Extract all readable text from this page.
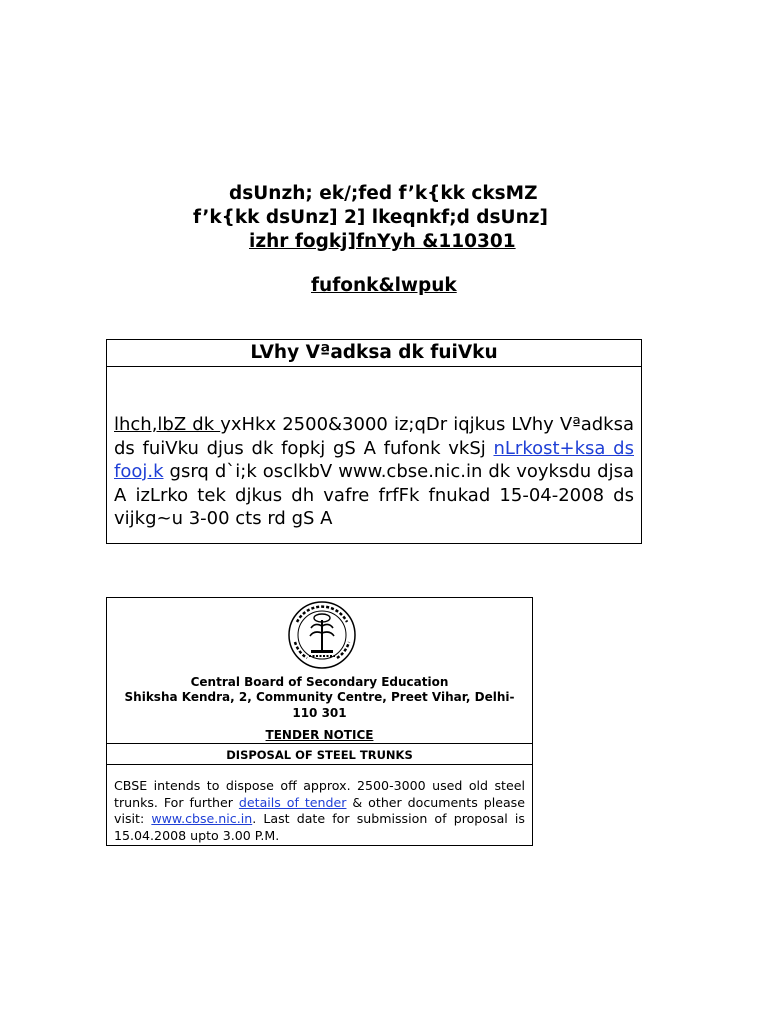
dsUnzh; ek/;fed f’k{kk cksMZ
f’k{kk dsUnz] 2] lkeqnkf;d dsUnz]
izhr fogkj]fnYyh &110301
fufonk&lwpuk
LVhy Vªadksa dk fuiVku
lhch,lbZ dk yxHkx 2500&3000 iz;qDr iqjkus LVhy Vªadksa ds fuiVku djus dk fopkj gS A fufonk vkSj nLrkost+ksa ds fooj.k gsrq d`i;k osclkbV www.cbse.nic.in dk voyksdu djsa A izLrko tek djkus dh vafre frfFk fnukad 15-04-2008 ds vijkg~u 3-00 cts rd gS A
Central Board of Secondary Education
Shiksha Kendra, 2, Community Centre, Preet Vihar, Delhi-
110 301
TENDER NOTICE
DISPOSAL OF STEEL TRUNKS
CBSE intends to dispose off approx. 2500-3000 used old steel trunks. For further details of tender & other documents please visit: www.cbse.nic.in. Last date for submission of proposal is 15.04.2008 upto 3.00 P.M.
